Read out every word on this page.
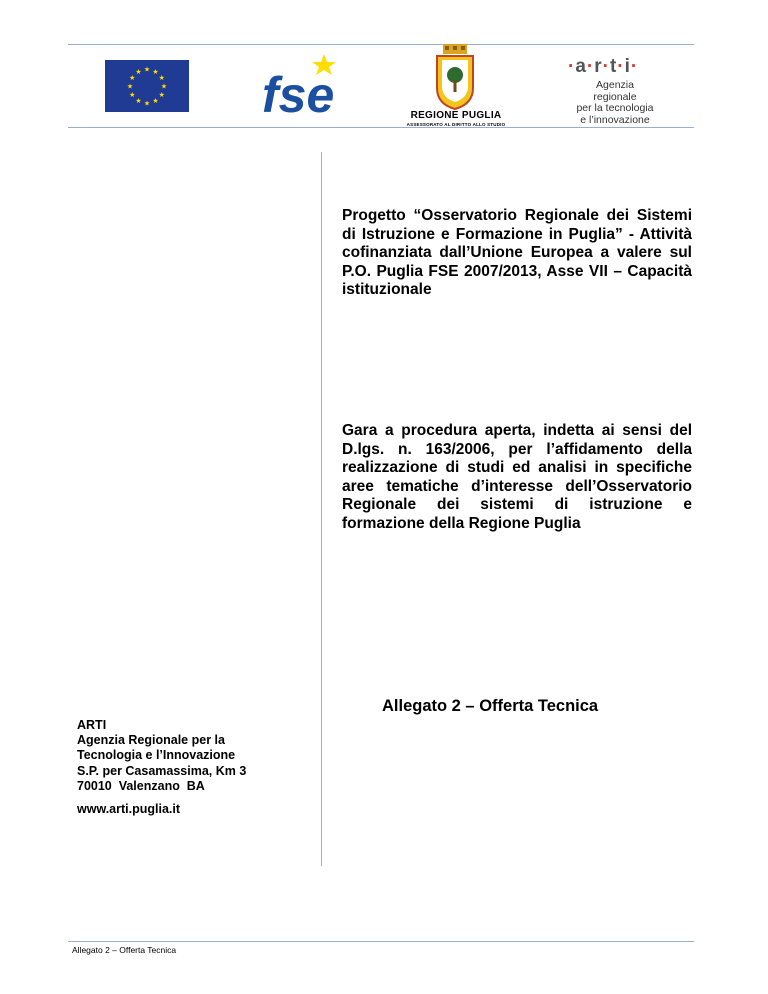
★ ★
★
★
★
★
★
★
★
★
★
★ fse	REGIONE PUGLIA
ASSESSORATO AL DIRITTO ALLO STUDIO
·a·r·t·i·
Agenzia regionale
per la tecnologia
e l’innovazione
Progetto “Osservatorio Regionale dei Sistemi di Istruzione e Formazione in Puglia” - Attività cofinanziata dall’Unione Europea a valere sul P.O. Puglia FSE 2007/2013, Asse VII – Capacità istituzionale
Gara a procedura aperta, indetta ai sensi del D.lgs. n. 163/2006, per l’affidamento della realizzazione di studi ed analisi in specifiche aree tematiche d’interesse dell’Osservatorio Regionale dei sistemi di istruzione e formazione della Regione Puglia
Allegato 2 – Offerta Tecnica
ARTI
Agenzia Regionale per la
Tecnologia e l’Innovazione
S.P. per Casamassima, Km 3
70010  Valenzano  BA
www.arti.puglia.it
Allegato 2 – Offerta Tecnica
